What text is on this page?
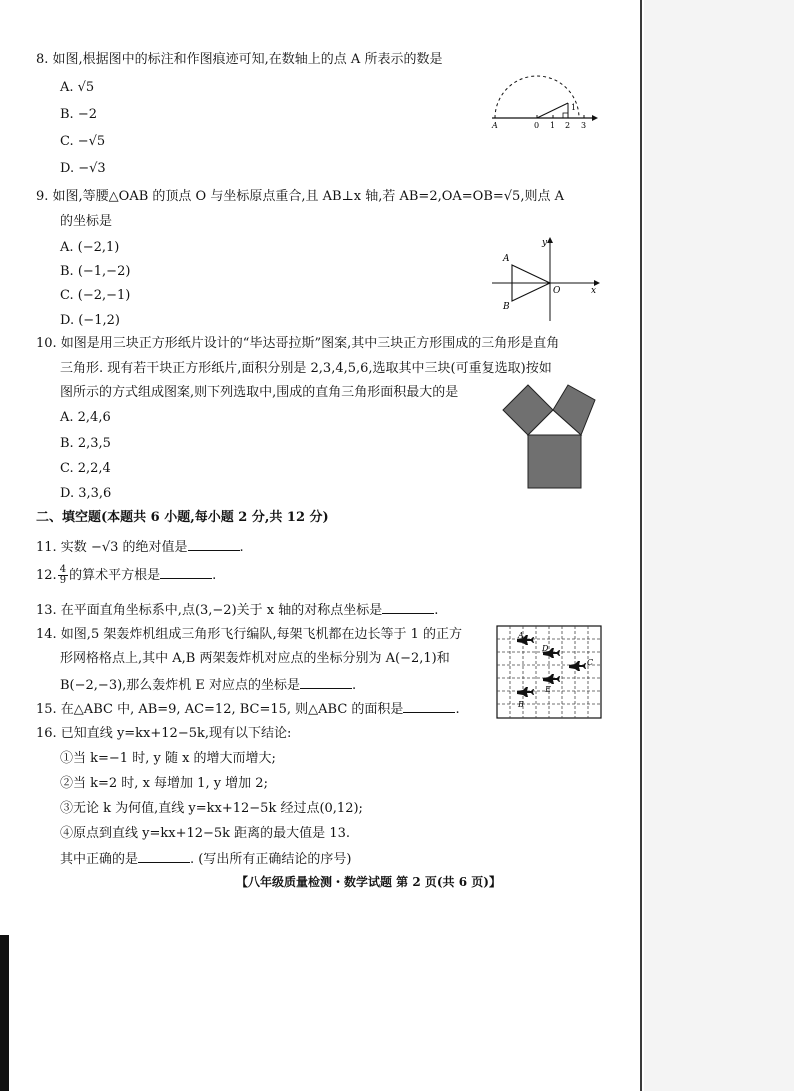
8. 如图,根据图中的标注和作图痕迹可知,在数轴上的点 A 所表示的数是
A. √5
B. −2
C. −√5
D. −√3
A	0 1 2 3
1
9. 如图,等腰△OAB 的顶点 O 与坐标原点重合,且 AB⊥x 轴,若 AB=2,OA=OB=√5,则点 A
的坐标是
A. (−2,1)
B. (−1,−2)
C. (−2,−1)
D. (−1,2)
y
x
A
B
O
10. 如图是用三块正方形纸片设计的“毕达哥拉斯”图案,其中三块正方形围成的三角形是直角
三角形. 现有若干块正方形纸片,面积分别是 2,3,4,5,6,选取其中三块(可重复选取)按如
图所示的方式组成图案,则下列选取中,围成的直角三角形面积最大的是
A. 2,4,6
B. 2,3,5
C. 2,2,4
D. 3,3,6
二、填空题(本题共 6 小题,每小题 2 分,共 12 分)
11. 实数 −√3 的绝对值是	.
12. $\frac{4}{9}$ 的算术平方根是	.
13. 在平面直角坐标系中,点(3,−2)关于 x 轴的对称点坐标是	.
14. 如图,5 架轰炸机组成三角形飞行编队,每架飞机都在边长等于 1 的正方
形网格格点上,其中 A,B 两架轰炸机对应点的坐标分别为 A(−2,1)和
B(−2,−3),那么轰炸机 E 对应点的坐标是	.
A
D
C
E
B
15. 在△ABC 中, AB=9, AC=12, BC=15, 则△ABC 的面积是	.
16. 已知直线 y=kx+12−5k,现有以下结论:
①当 k=−1 时, y 随 x 的增大而增大;
②当 k=2 时, x 每增加 1, y 增加 2;
③无论 k 为何值,直线 y=kx+12−5k 经过点(0,12);
④原点到直线 y=kx+12−5k 距离的最大值是 13.
其中正确的是	. (写出所有正确结论的序号)
【八年级质量检测・数学试题 第 2 页(共 6 页)】
